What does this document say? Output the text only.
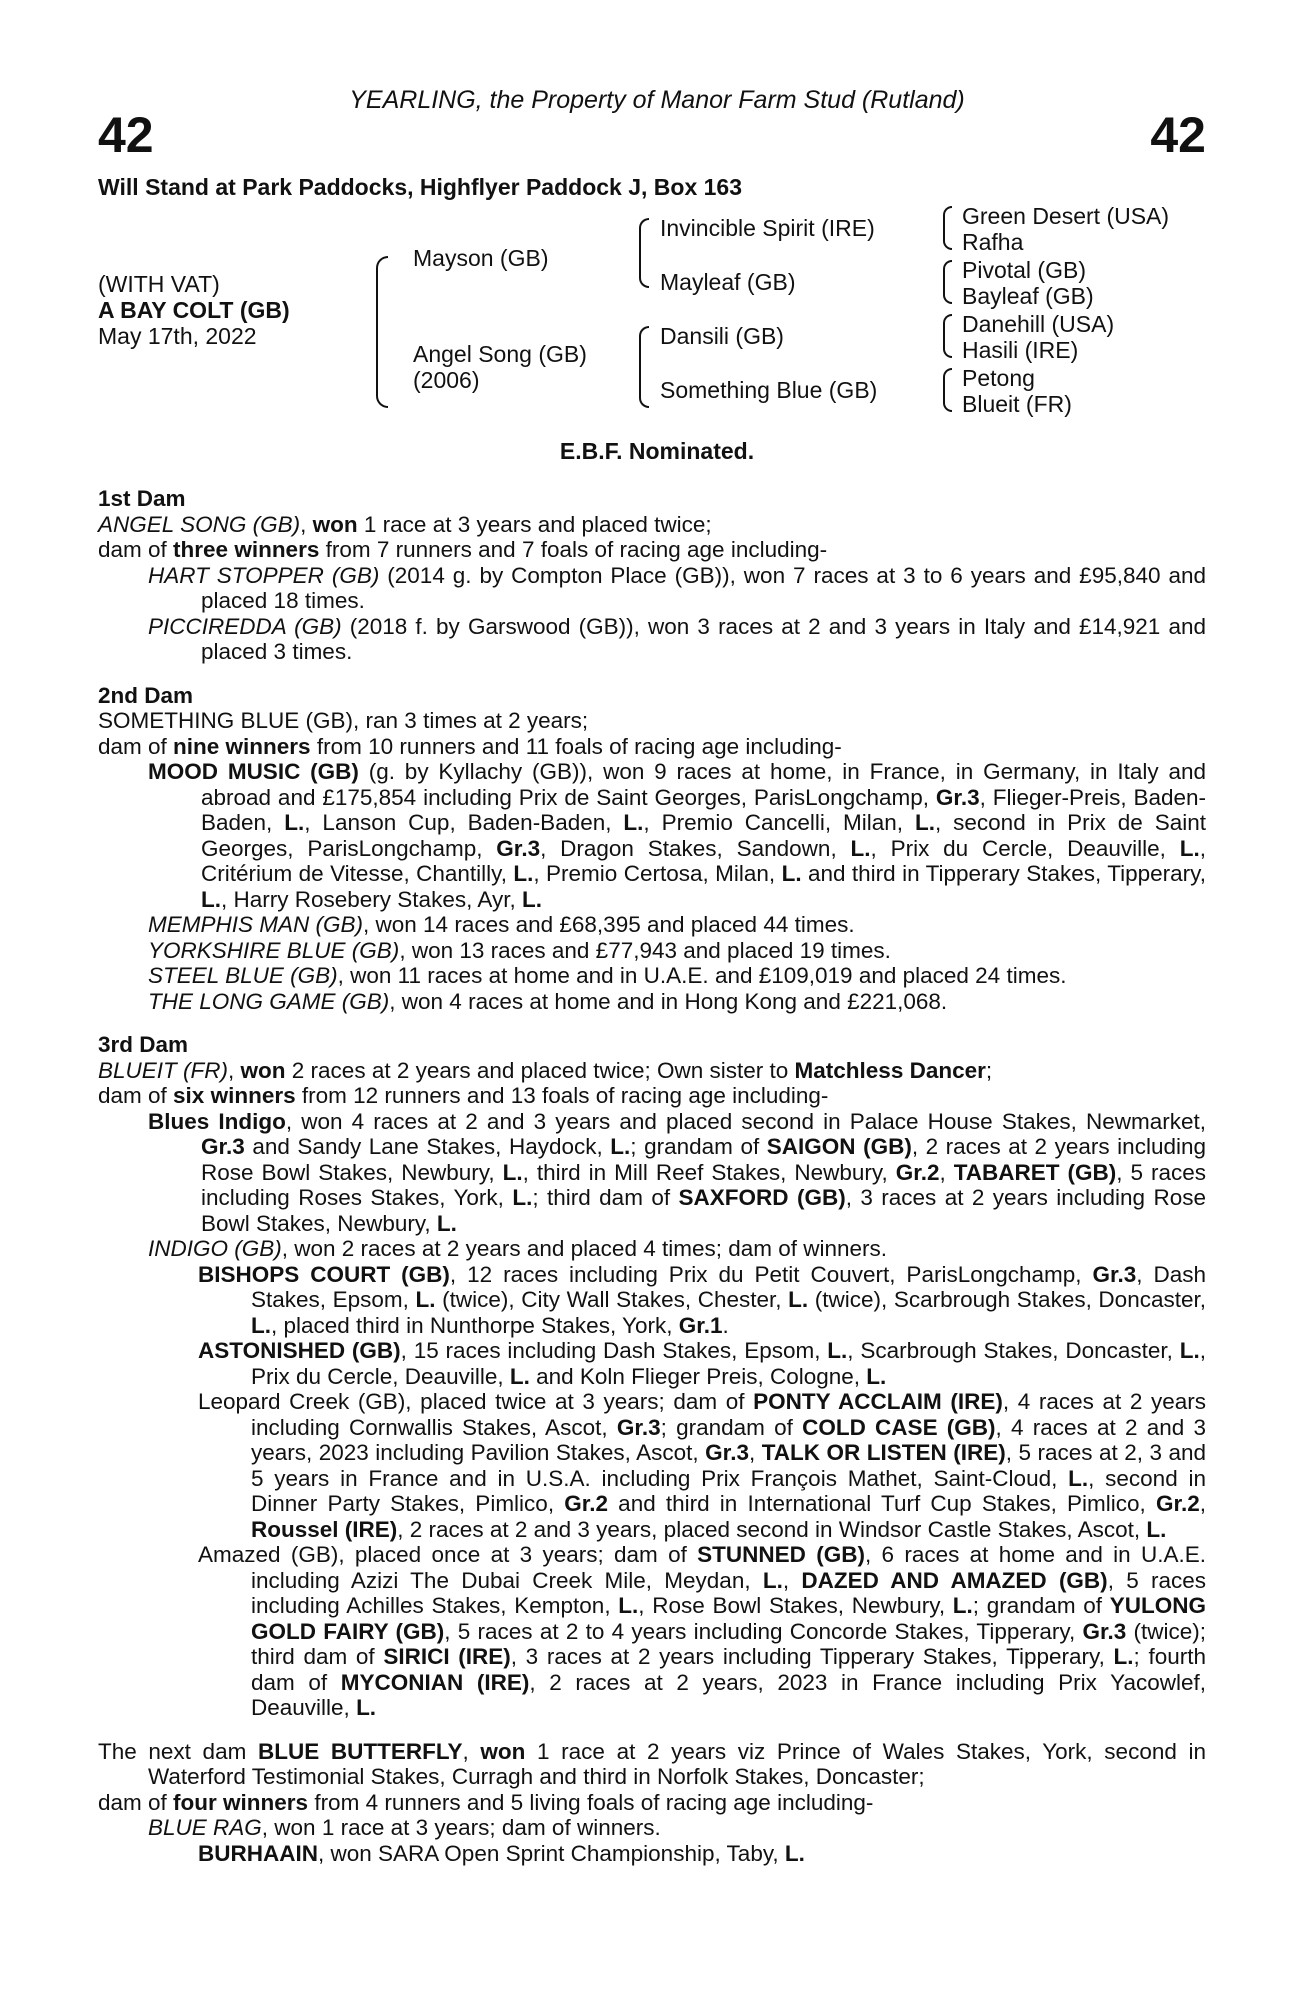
YEARLING, the Property of Manor Farm Stud (Rutland)
42	42
Will Stand at Park Paddocks, Highflyer Paddock J, Box 163
(WITH VAT)
A BAY COLT (GB)
May 17th, 2022
Mayson (GB)
Angel Song (GB)
(2006)
Invincible Spirit (IRE)
Mayleaf (GB)
Dansili (GB)
Something Blue (GB)
Green Desert (USA)
Rafha
Pivotal (GB)
Bayleaf (GB)
Danehill (USA)
Hasili (IRE)
Petong
Blueit (FR)
E.B.F. Nominated.
1st Dam
ANGEL SONG (GB), won 1 race at 3 years and placed twice;
dam of three winners from 7 runners and 7 foals of racing age including-
HART STOPPER (GB) (2014 g. by Compton Place (GB)), won 7 races at 3 to 6 years and £95,840 and placed 18 times.
PICCIREDDA (GB) (2018 f. by Garswood (GB)), won 3 races at 2 and 3 years in Italy and £14,921 and placed 3 times.
2nd Dam
SOMETHING BLUE (GB), ran 3 times at 2 years;
dam of nine winners from 10 runners and 11 foals of racing age including-
MOOD MUSIC (GB) (g. by Kyllachy (GB)), won 9 races at home, in France, in Germany, in Italy and abroad and £175,854 including Prix de Saint Georges, ParisLongchamp, Gr.3, Flieger-Preis, Baden-Baden, L., Lanson Cup, Baden-Baden, L., Premio Cancelli, Milan, L., second in Prix de Saint Georges, ParisLongchamp, Gr.3, Dragon Stakes, Sandown, L., Prix du Cercle, Deauville, L., Critérium de Vitesse, Chantilly, L., Premio Certosa, Milan, L. and third in Tipperary Stakes, Tipperary, L., Harry Rosebery Stakes, Ayr, L.
MEMPHIS MAN (GB), won 14 races and £68,395 and placed 44 times.
YORKSHIRE BLUE (GB), won 13 races and £77,943 and placed 19 times.
STEEL BLUE (GB), won 11 races at home and in U.A.E. and £109,019 and placed 24 times.
THE LONG GAME (GB), won 4 races at home and in Hong Kong and £221,068.
3rd Dam
BLUEIT (FR), won 2 races at 2 years and placed twice; Own sister to Matchless Dancer;
dam of six winners from 12 runners and 13 foals of racing age including-
Blues Indigo, won 4 races at 2 and 3 years and placed second in Palace House Stakes, Newmarket, Gr.3 and Sandy Lane Stakes, Haydock, L.; grandam of SAIGON (GB), 2 races at 2 years including Rose Bowl Stakes, Newbury, L., third in Mill Reef Stakes, Newbury, Gr.2, TABARET (GB), 5 races including Roses Stakes, York, L.; third dam of SAXFORD (GB), 3 races at 2 years including Rose Bowl Stakes, Newbury, L.
INDIGO (GB), won 2 races at 2 years and placed 4 times; dam of winners.
BISHOPS COURT (GB), 12 races including Prix du Petit Couvert, ParisLongchamp, Gr.3, Dash Stakes, Epsom, L. (twice), City Wall Stakes, Chester, L. (twice), Scarbrough Stakes, Doncaster, L., placed third in Nunthorpe Stakes, York, Gr.1.
ASTONISHED (GB), 15 races including Dash Stakes, Epsom, L., Scarbrough Stakes, Doncaster, L., Prix du Cercle, Deauville, L. and Koln Flieger Preis, Cologne, L.
Leopard Creek (GB), placed twice at 3 years; dam of PONTY ACCLAIM (IRE), 4 races at 2 years including Cornwallis Stakes, Ascot, Gr.3; grandam of COLD CASE (GB), 4 races at 2 and 3 years, 2023 including Pavilion Stakes, Ascot, Gr.3, TALK OR LISTEN (IRE), 5 races at 2, 3 and 5 years in France and in U.S.A. including Prix François Mathet, Saint-Cloud, L., second in Dinner Party Stakes, Pimlico, Gr.2 and third in International Turf Cup Stakes, Pimlico, Gr.2, Roussel (IRE), 2 races at 2 and 3 years, placed second in Windsor Castle Stakes, Ascot, L.
Amazed (GB), placed once at 3 years; dam of STUNNED (GB), 6 races at home and in U.A.E. including Azizi The Dubai Creek Mile, Meydan, L., DAZED AND AMAZED (GB), 5 races including Achilles Stakes, Kempton, L., Rose Bowl Stakes, Newbury, L.; grandam of YULONG GOLD FAIRY (GB), 5 races at 2 to 4 years including Concorde Stakes, Tipperary, Gr.3 (twice); third dam of SIRICI (IRE), 3 races at 2 years including Tipperary Stakes, Tipperary, L.; fourth dam of MYCONIAN (IRE), 2 races at 2 years, 2023 in France including Prix Yacowlef, Deauville, L.
The next dam BLUE BUTTERFLY, won 1 race at 2 years viz Prince of Wales Stakes, York, second in Waterford Testimonial Stakes, Curragh and third in Norfolk Stakes, Doncaster;
dam of four winners from 4 runners and 5 living foals of racing age including-
BLUE RAG, won 1 race at 3 years; dam of winners.
BURHAAIN, won SARA Open Sprint Championship, Taby, L.
